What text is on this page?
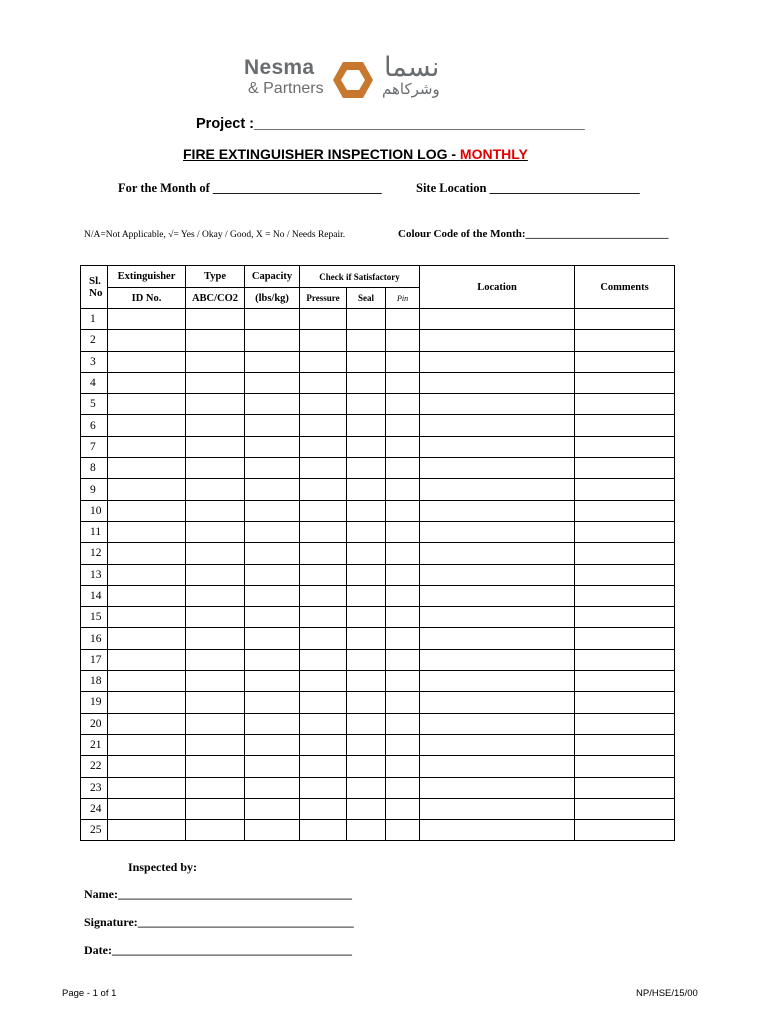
Nesma
& Partners
نسما
وشركاهم
Project :_________________________________________
FIRE EXTINGUISHER INSPECTION LOG - MONTHLY
For the Month of ___________________________	Site Location ________________________
N/A=Not Applicable, √= Yes / Okay / Good, X = No / Needs Repair.	Colour Code of the Month:__________________________
Sl.
No	Extinguisher	Type	Capacity	Check if Satisfactory			Location	Comments
	ID No.	ABC/CO2	(lbs/kg)	Pressure	Seal	Pin		
1								
2								
3								
4								
5								
6								
7								
8								
9								
10								
11								
12								
13								
14								
15								
16								
17								
18								
19								
20								
21								
22								
23								
24								
25								
Inspected by:
Name:_______________________________________
Signature:____________________________________
Date:________________________________________
Page - 1 of 1	NP/HSE/15/00
